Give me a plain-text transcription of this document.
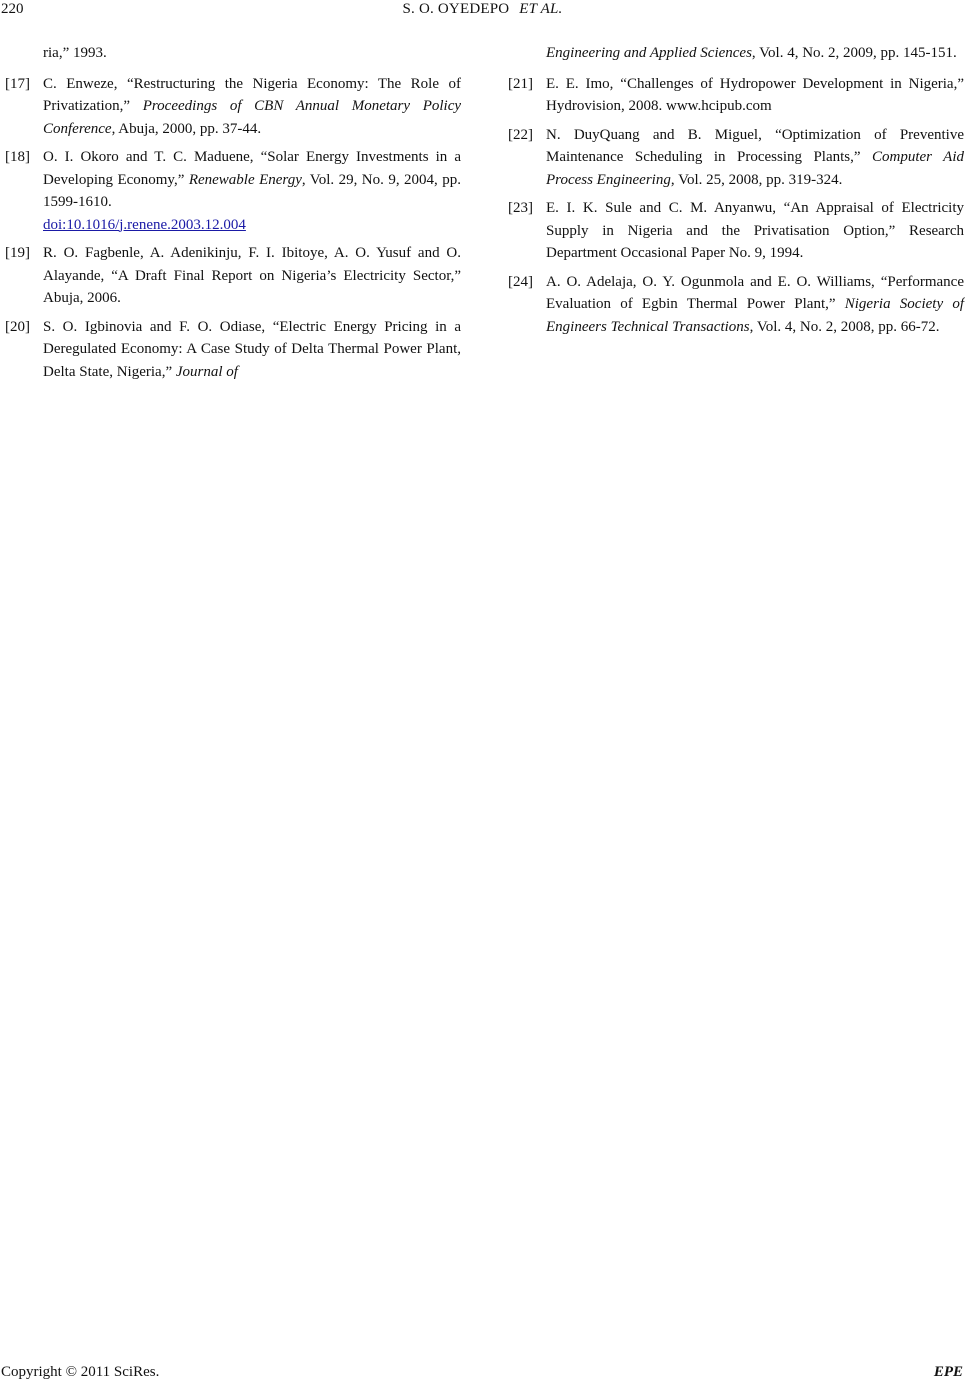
220	S. O. OYEDEPO ET AL.
ria,” 1993.
[17] C. Enweze, “Restructuring the Nigeria Economy: The Role of Privatization,” Proceedings of CBN Annual Monetary Policy Conference, Abuja, 2000, pp. 37-44.
[18] O. I. Okoro and T. C. Maduene, “Solar Energy Investments in a Developing Economy,” Renewable Energy, Vol. 29, No. 9, 2004, pp. 1599-1610.
doi:10.1016/j.renene.2003.12.004
[19] R. O. Fagbenle, A. Adenikinju, F. I. Ibitoye, A. O. Yusuf and O. Alayande, “A Draft Final Report on Nigeria’s Electricity Sector,” Abuja, 2006.
[20] S. O. Igbinovia and F. O. Odiase, “Electric Energy Pricing in a Deregulated Economy: A Case Study of Delta Thermal Power Plant, Delta State, Nigeria,” Journal of
Engineering and Applied Sciences, Vol. 4, No. 2, 2009, pp. 145-151.
[21] E. E. Imo, “Challenges of Hydropower Development in Nigeria,” Hydrovision, 2008. www.hcipub.com
[22] N. DuyQuang and B. Miguel, “Optimization of Preventive Maintenance Scheduling in Processing Plants,” Computer Aid Process Engineering, Vol. 25, 2008, pp. 319-324.
[23] E. I. K. Sule and C. M. Anyanwu, “An Appraisal of Electricity Supply in Nigeria and the Privatisation Option,” Research Department Occasional Paper No. 9, 1994.
[24] A. O. Adelaja, O. Y. Ogunmola and E. O. Williams, “Performance Evaluation of Egbin Thermal Power Plant,” Nigeria Society of Engineers Technical Transactions, Vol. 4, No. 2, 2008, pp. 66-72.
Copyright © 2011 SciRes.	EPE
